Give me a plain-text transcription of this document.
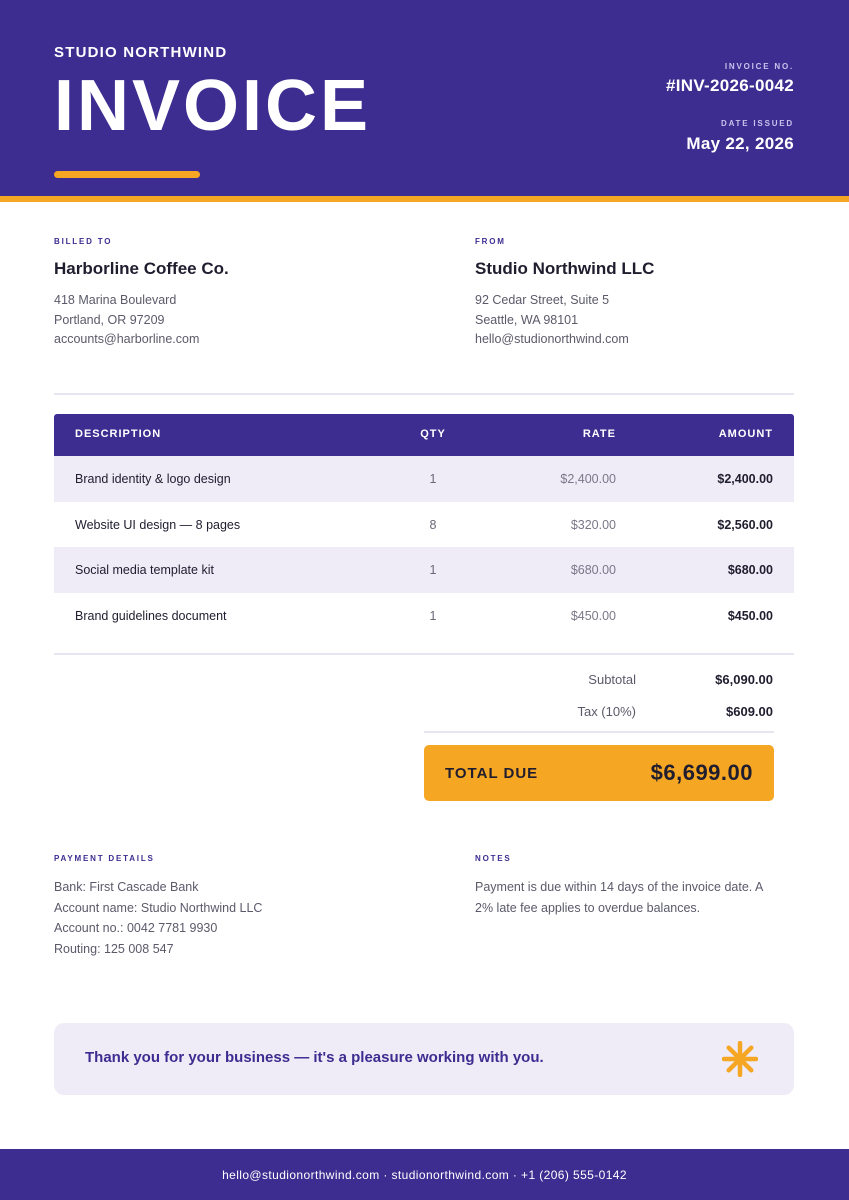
STUDIO NORTHWIND
INVOICE	INVOICE NO.
#INV-2026-0042
DATE ISSUED
May 22, 2026
BILLED TO
Harborline Coffee Co.
418 Marina Boulevard
Portland, OR 97209
accounts@harborline.com
FROM
Studio Northwind LLC
92 Cedar Street, Suite 5
Seattle, WA 98101
hello@studionorthwind.com
DESCRIPTION	QTY	RATE	AMOUNT
Brand identity & logo design	1	$2,400.00	$2,400.00
Website UI design — 8 pages	8	$320.00	$2,560.00
Social media template kit	1	$680.00	$680.00
Brand guidelines document	1	$450.00	$450.00
Subtotal	$6,090.00
Tax (10%)	$609.00
TOTAL DUE	$6,699.00
PAYMENT DETAILS
Bank: First Cascade Bank
Account name: Studio Northwind LLC
Account no.: 0042 7781 9930
Routing: 125 008 547
NOTES
Payment is due within 14 days of the invoice date. A
2% late fee applies to overdue balances.
Thank you for your business — it's a pleasure working with you.
hello@studionorthwind.com · studionorthwind.com · +1 (206) 555-0142
